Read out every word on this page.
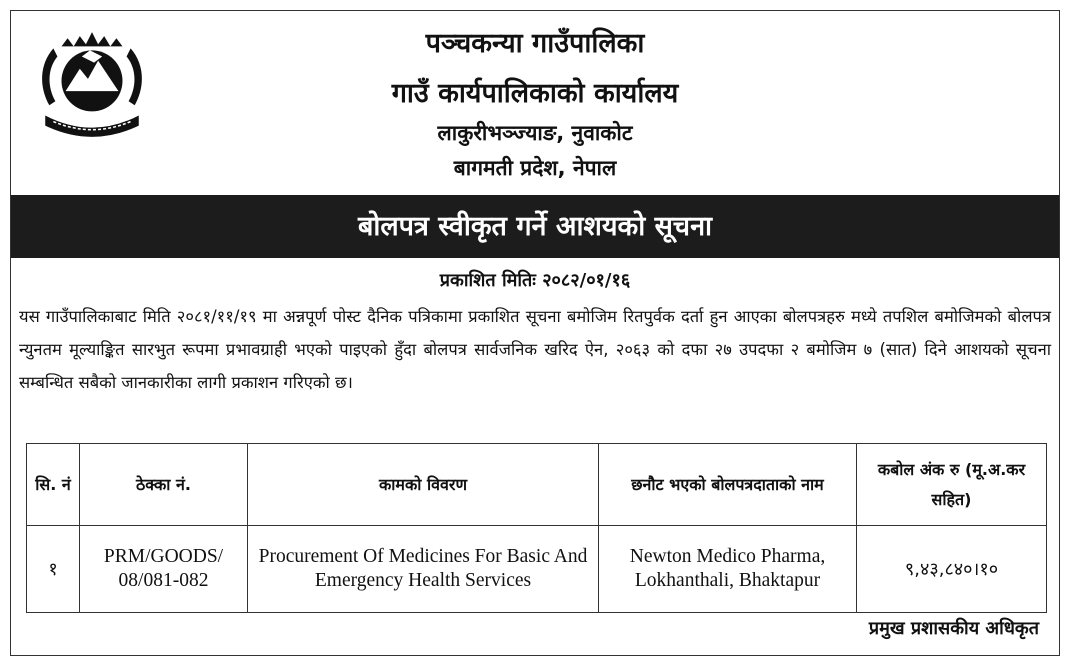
पञ्चकन्या गाउँपालिका
गाउँ कार्यपालिकाको कार्यालय
लाकुरीभञ्ज्याङ, नुवाकोट
बागमती प्रदेश, नेपाल
बोलपत्र स्वीकृत गर्ने आशयको सूचना
प्रकाशित मितिः २०८२/०१/१६
यस गाउँपालिकाबाट मिति २०८१/११/१९ मा अन्नपूर्ण पोस्ट दैनिक पत्रिकामा प्रकाशित सूचना बमोजिम रितपुर्वक दर्ता हुन आएका बोलपत्रहरु मध्ये तपशिल बमोजिमको बोलपत्र न्युनतम मूल्याङ्कित सारभुत रूपमा प्रभावग्राही भएको पाइएको हुँदा बोलपत्र सार्वजनिक खरिद ऐन, २०६३ को दफा २७ उपदफा २ बमोजिम ७ (सात) दिने आशयको सूचना सम्बन्धित सबैको जानकारीका लागी प्रकाशन गरिएको छ।
सि. नं	ठेक्का नं.	कामको विवरण	छनौट भएको बोलपत्रदाताको नाम	कबोल अंक रु (मू.अ.कर सहित)
१	PRM/GOODS/ 08/081-082	Procurement Of Medicines For Basic And Emergency Health Services	Newton Medico Pharma, Lokhanthali, Bhaktapur	९,४३,८४०।१०
प्रमुख प्रशासकीय अधिकृत
